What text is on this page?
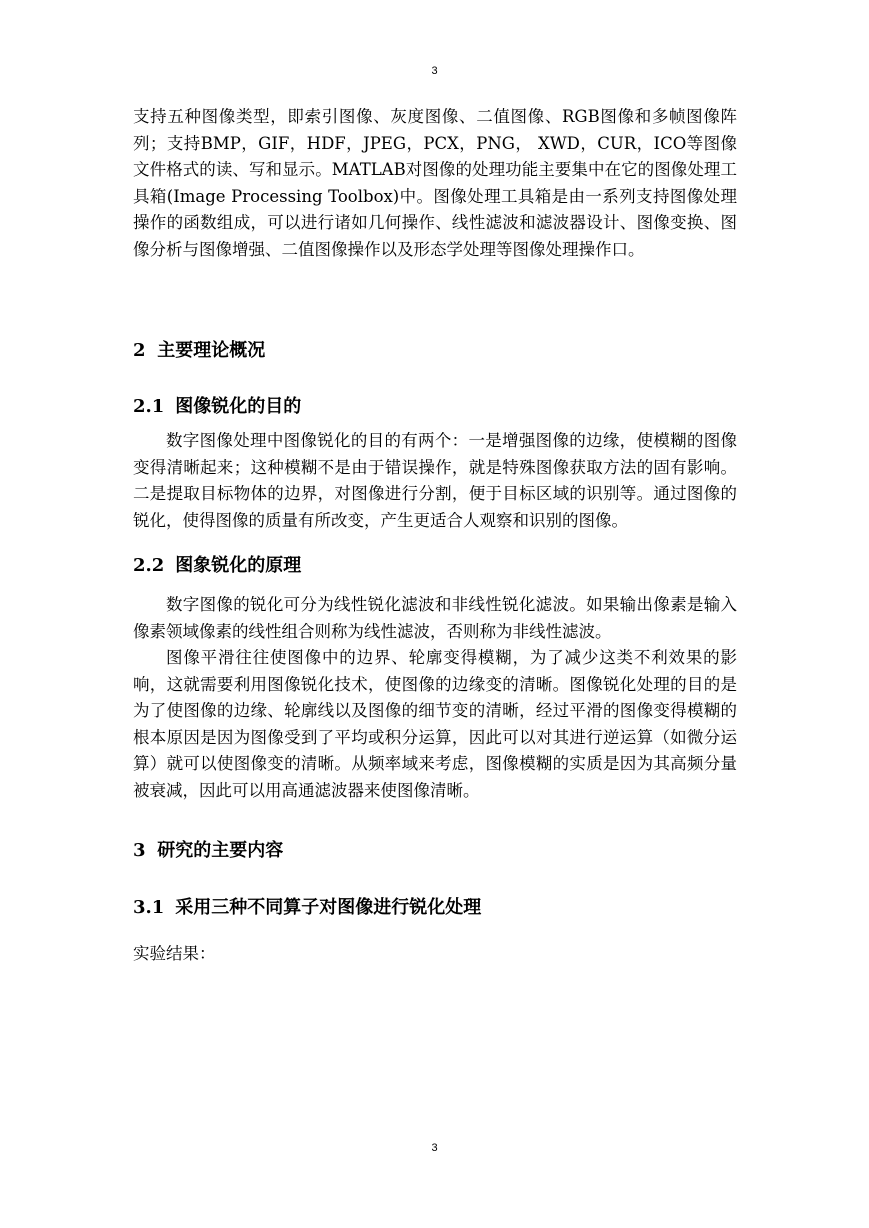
3

支持五种图像类型，即索引图像、灰度图像、二值图像、RGB图像和多帧图像阵列；支持BMP，GIF，HDF，JPEG，PCX，PNG， XWD，CUR，ICO等图像文件格式的读、写和显示。MATLAB对图像的处理功能主要集中在它的图像处理工具箱(Image Processing Toolbox)中。图像处理工具箱是由一系列支持图像处理操作的函数组成，可以进行诸如几何操作、线性滤波和滤波器设计、图像变换、图像分析与图像增强、二值图像操作以及形态学处理等图像处理操作口。

2 主要理论概况
2.1 图像锐化的目的

数字图像处理中图像锐化的目的有两个：一是增强图像的边缘，使模糊的图像变得清晰起来；这种模糊不是由于错误操作，就是特殊图像获取方法的固有影响。二是提取目标物体的边界，对图像进行分割，便于目标区域的识别等。通过图像的锐化，使得图像的质量有所改变，产生更适合人观察和识别的图像。

2.2 图象锐化的原理

数字图像的锐化可分为线性锐化滤波和非线性锐化滤波。如果输出像素是输入像素领域像素的线性组合则称为线性滤波，否则称为非线性滤波。

图像平滑往往使图像中的边界、轮廓变得模糊，为了减少这类不利效果的影响，这就需要利用图像锐化技术，使图像的边缘变的清晰。图像锐化处理的目的是为了使图像的边缘、轮廓线以及图像的细节变的清晰，经过平滑的图像变得模糊的根本原因是因为图像受到了平均或积分运算，因此可以对其进行逆运算（如微分运算）就可以使图像变的清晰。从频率域来考虑，图像模糊的实质是因为其高频分量被衰减，因此可以用高通滤波器来使图像清晰。

3 研究的主要内容
3.1 采用三种不同算子对图像进行锐化处理

实验结果：

3
